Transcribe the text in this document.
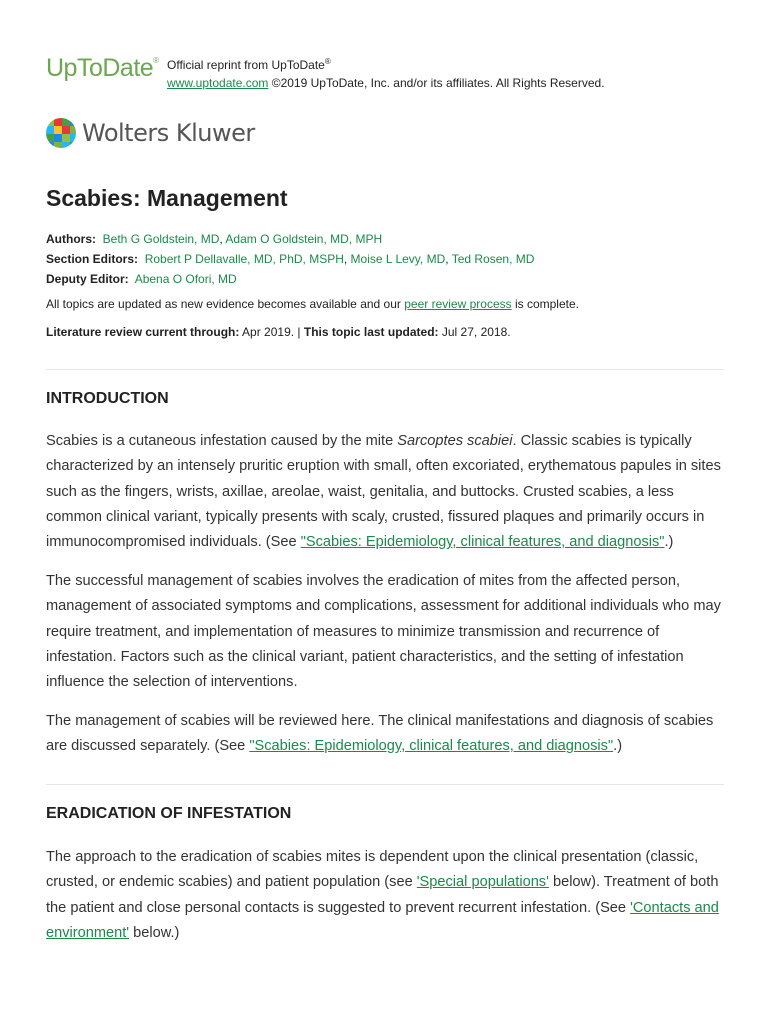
UpToDate® Official reprint from UpToDate®
www.uptodate.com ©2019 UpToDate, Inc. and/or its affiliates. All Rights Reserved.
Wolters Kluwer
Scabies: Management
Authors: Beth G Goldstein, MD, Adam O Goldstein, MD, MPH
Section Editors: Robert P Dellavalle, MD, PhD, MSPH, Moise L Levy, MD, Ted Rosen, MD
Deputy Editor: Abena O Ofori, MD
All topics are updated as new evidence becomes available and our peer review process is complete.
Literature review current through: Apr 2019. | This topic last updated: Jul 27, 2018.
INTRODUCTION

Scabies is a cutaneous infestation caused by the mite Sarcoptes scabiei. Classic scabies is typically characterized by an intensely pruritic eruption with small, often excoriated, erythematous papules in sites such as the fingers, wrists, axillae, areolae, waist, genitalia, and buttocks. Crusted scabies, a less common clinical variant, typically presents with scaly, crusted, fissured plaques and primarily occurs in immunocompromised individuals. (See "Scabies: Epidemiology, clinical features, and diagnosis".)

The successful management of scabies involves the eradication of mites from the affected person, management of associated symptoms and complications, assessment for additional individuals who may require treatment, and implementation of measures to minimize transmission and recurrence of infestation. Factors such as the clinical variant, patient characteristics, and the setting of infestation influence the selection of interventions.

The management of scabies will be reviewed here. The clinical manifestations and diagnosis of scabies are discussed separately. (See "Scabies: Epidemiology, clinical features, and diagnosis".)

ERADICATION OF INFESTATION

The approach to the eradication of scabies mites is dependent upon the clinical presentation (classic, crusted, or endemic scabies) and patient population (see 'Special populations' below). Treatment of both the patient and close personal contacts is suggested to prevent recurrent infestation. (See 'Contacts and environment' below.)
